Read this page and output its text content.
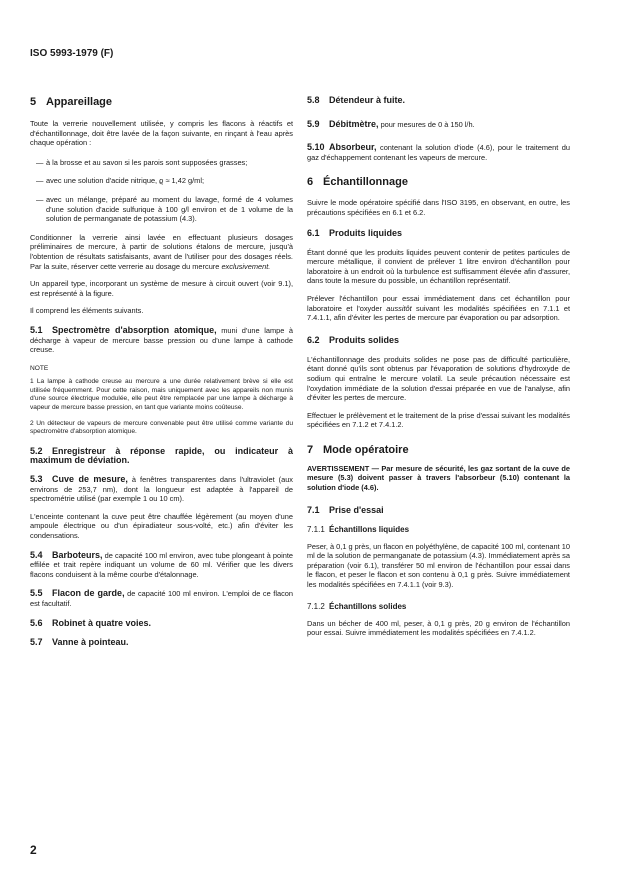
ISO 5993-1979 (F)
5 Appareillage

Toute la verrerie nouvellement utilisée, y compris les flacons à réactifs et d'échantillonnage, doit être lavée de la façon suivante, en rinçant à l'eau après chaque opération :

— à la brosse et au savon si les parois sont supposées grasses;
— avec une solution d'acide nitrique, ϱ ≈ 1,42 g/ml;
— avec un mélange, préparé au moment du lavage, formé de 4 volumes d'une solution d'acide sulfurique à 100 g/l environ et de 1 volume de la solution de permanganate de potassium (4.3).

Conditionner la verrerie ainsi lavée en effectuant plusieurs dosages préliminaires de mercure, à partir de solutions étalons de mercure, jusqu'à l'obtention de résultats satisfaisants, avant de l'utiliser pour des dosages réels. Par la suite, réserver cette verrerie au dosage du mercure exclusivement.

Un appareil type, incorporant un système de mesure à circuit ouvert (voir 9.1), est représenté à la figure.

Il comprend les éléments suivants.

5.1 Spectromètre d'absorption atomique, muni d'une lampe à décharge à vapeur de mercure basse pression ou d'une lampe à cathode creuse.

NOTE
1 La lampe à cathode creuse au mercure a une durée relativement brève si elle est utilisée fréquemment. Pour cette raison, mais uniquement avec les appareils non munis d'une source électrique modulée, elle peut être remplacée par une lampe à décharge à vapeur de mercure basse pression, en tant que variante moins coûteuse.
2 Un détecteur de vapeurs de mercure convenable peut être utilisé comme variante du spectromètre d'absorption atomique.

5.2 Enregistreur à réponse rapide, ou indicateur à maximum de déviation.

5.3 Cuve de mesure, à fenêtres transparentes dans l'ultraviolet (aux environs de 253,7 nm), dont la longueur est adaptée à l'appareil de spectrométrie utilisé (par exemple 1 ou 10 cm).

L'enceinte contenant la cuve peut être chauffée légèrement (au moyen d'une ampoule électrique ou d'un épiradiateur sous-volté, etc.) afin d'éviter les condensations.

5.4 Barboteurs, de capacité 100 ml environ, avec tube plongeant à pointe effilée et trait repère indiquant un volume de 60 ml. Vérifier que les divers flacons conduisent à la même courbe d'étalonnage.

5.5 Flacon de garde, de capacité 100 ml environ. L'emploi de ce flacon est facultatif.

5.6 Robinet à quatre voies.

5.7 Vanne à pointeau.

5.8 Détendeur à fuite.

5.9 Débitmètre, pour mesures de 0 à 150 l/h.

5.10 Absorbeur, contenant la solution d'iode (4.6), pour le traitement du gaz d'échappement contenant les vapeurs de mercure.

6 Échantillonnage

Suivre le mode opératoire spécifié dans l'ISO 3195, en observant, en outre, les précautions spécifiées en 6.1 et 6.2.

6.1 Produits liquides

Étant donné que les produits liquides peuvent contenir de petites particules de mercure métallique, il convient de prélever 1 litre environ d'échantillon pour laboratoire à un endroit où la turbulence est suffisamment élevée afin d'assurer, dans toute la mesure du possible, un échantillon représentatif.

Prélever l'échantillon pour essai immédiatement dans cet échantillon pour laboratoire et l'oxyder aussitôt suivant les modalités spécifiées en 7.1.1 et 7.4.1.1, afin d'éviter les pertes de mercure par évaporation ou par adsorption.

6.2 Produits solides

L'échantillonnage des produits solides ne pose pas de difficulté particulière, étant donné qu'ils sont obtenus par l'évaporation de solutions d'hydroxyde de sodium qui entraîne le mercure volatil. La seule précaution nécessaire est l'oxydation immédiate de la solution d'essai préparée en vue de l'analyse, afin d'éviter les pertes de mercure.

Effectuer le prélèvement et le traitement de la prise d'essai suivant les modalités spécifiées en 7.1.2 et 7.4.1.2.

7 Mode opératoire

AVERTISSEMENT — Par mesure de sécurité, les gaz sortant de la cuve de mesure (5.3) doivent passer à travers l'absorbeur (5.10) contenant la solution d'iode (4.6).

7.1 Prise d'essai
7.1.1 Échantillons liquides

Peser, à 0,1 g près, un flacon en polyéthylène, de capacité 100 ml, contenant 10 ml de la solution de permanganate de potassium (4.3). Immédiatement après sa préparation (voir 6.1), transférer 50 ml environ de l'échantillon pour essai dans le flacon, et peser le flacon et son contenu à 0,1 g près. Suivre immédiatement les modalités spécifiées en 7.4.1.1 (voir 9.3).

7.1.2 Échantillons solides

Dans un bécher de 400 ml, peser, à 0,1 g près, 20 g environ de l'échantillon pour essai. Suivre immédiatement les modalités spécifiées en 7.4.1.2.

2
